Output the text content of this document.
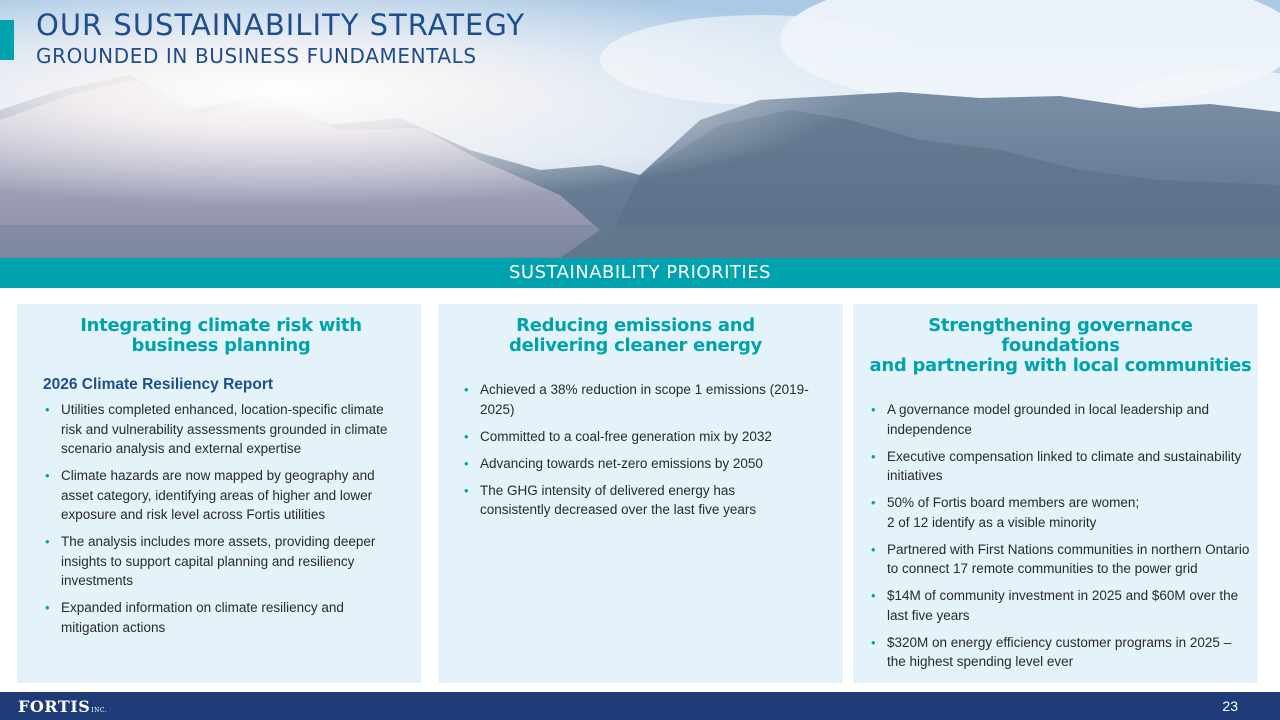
OUR SUSTAINABILITY STRATEGY
GROUNDED IN BUSINESS FUNDAMENTALS
SUSTAINABILITY PRIORITIES
Integrating climate risk with
business planning

2026 Climate Resiliency Report

• Utilities completed enhanced, location-specific climate risk and vulnerability assessments grounded in climate scenario analysis and external expertise
• Climate hazards are now mapped by geography and asset category, identifying areas of higher and lower exposure and risk level across Fortis utilities
• The analysis includes more assets, providing deeper insights to support capital planning and resiliency investments
• Expanded information on climate resiliency and mitigation actions
Reducing emissions and
delivering cleaner energy
• Achieved a 38% reduction in scope 1 emissions (2019-2025)
• Committed to a coal-free generation mix by 2032
• Advancing towards net-zero emissions by 2050
• The GHG intensity of delivered energy has consistently decreased over the last five years
Strengthening governance foundations
and partnering with local communities
• A governance model grounded in local leadership and independence
• Executive compensation linked to climate and sustainability initiatives
• 50% of Fortis board members are women;
2 of 12 identify as a visible minority
• Partnered with First Nations communities in northern Ontario to connect 17 remote communities to the power grid
• $14M of community investment in 2025 and $60M over the last five years
• $320M on energy efficiency customer programs in 2025 – the highest spending level ever
FORTISINC.	23
